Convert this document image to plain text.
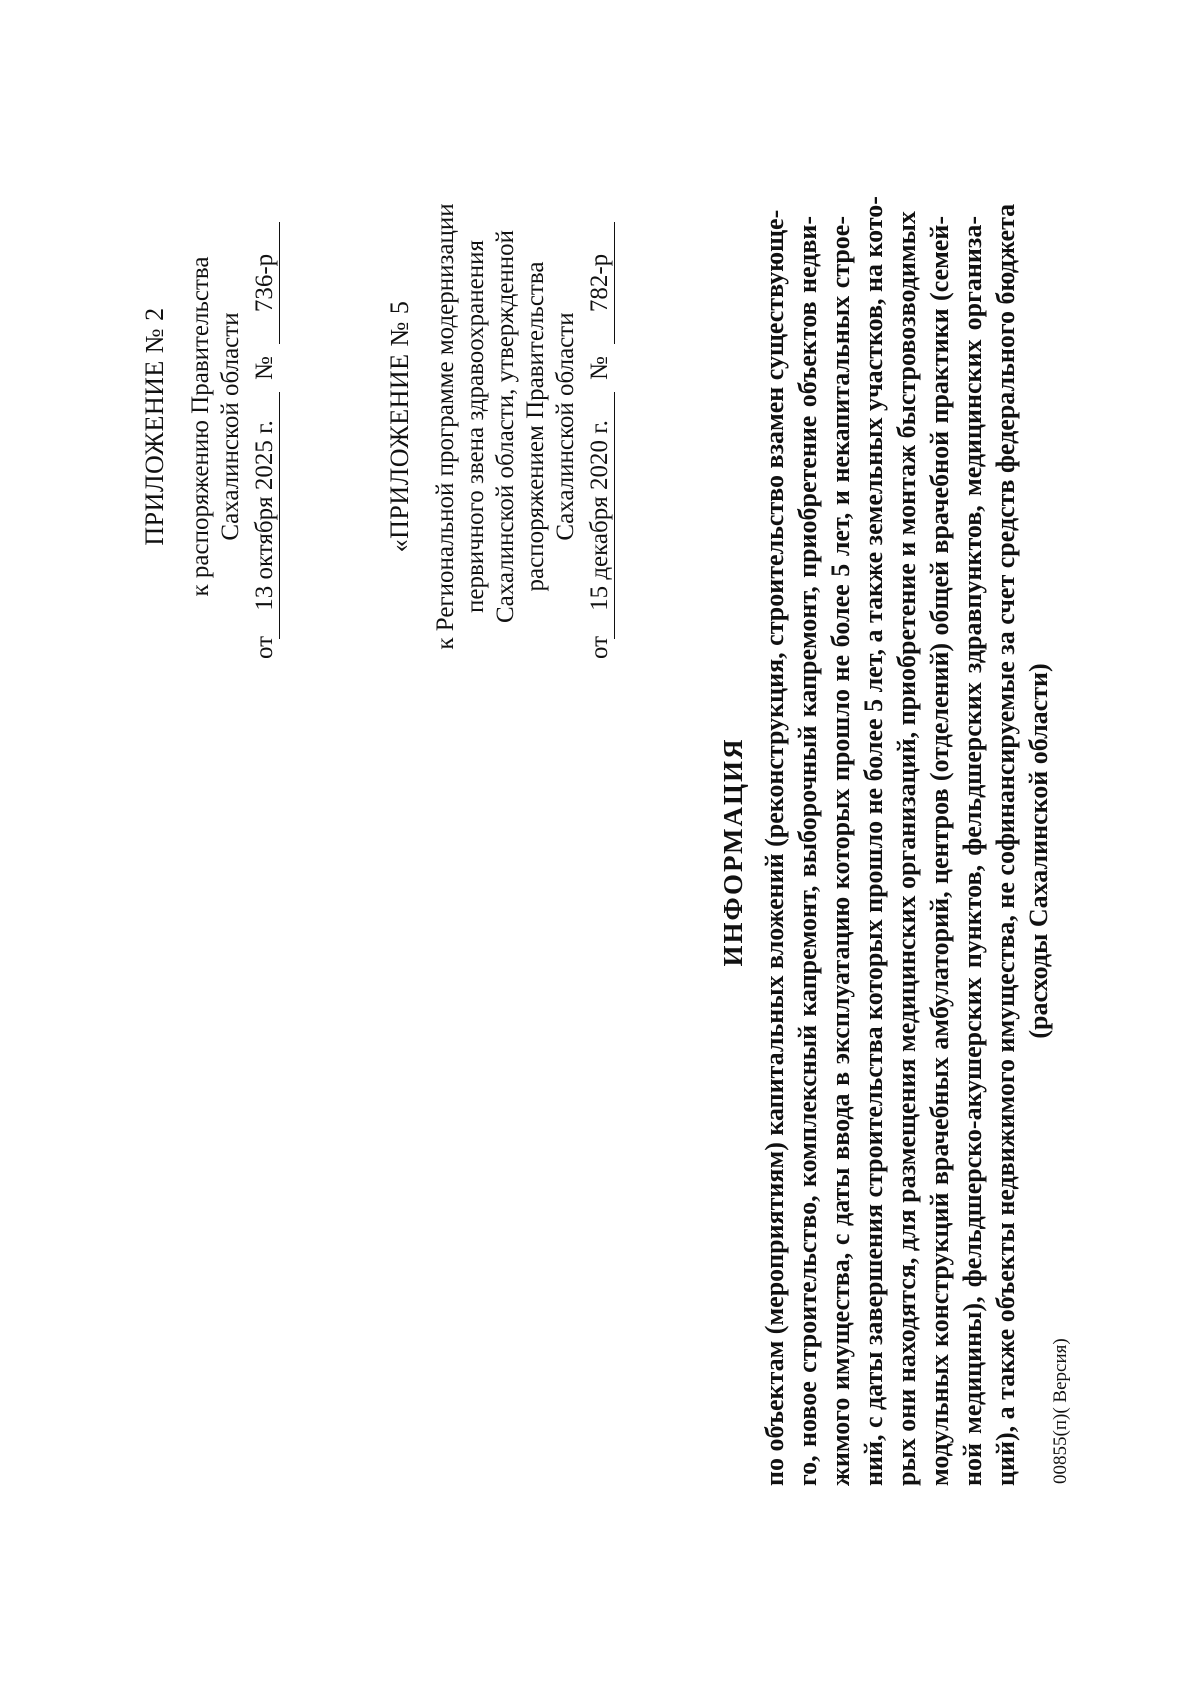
ПРИЛОЖЕНИЕ № 2 к распоряжению Правительства Сахалинской области
от
13 октября 2025 г.
№
736-р
«ПРИЛОЖЕНИЕ № 5 к Региональной программе модернизации первичного звена здравоохранения Сахалинской области, утвержденной распоряжением Правительства Сахалинской области
от
15 декабря 2020 г.
№
782-р
ИНФОРМАЦИЯ по объектам (мероприятиям) капитальных вложений (реконструкция, строительство взамен существующе- го, новое строительство, комплексный капремонт, выборочный капремонт, приобретение объектов недви- жимого имущества, с даты ввода в эксплуатацию которых прошло не более 5 лет, и некапитальных строе- ний, с даты завершения строительства которых прошло не более 5 лет, а также земельных участков, на кото- рых они находятся, для размещения медицинских организаций, приобретение и монтаж быстровозводимых модульных конструкций врачебных амбулаторий, центров (отделений) общей врачебной практики (семей- ной медицины), фельдшерско-акушерских пунктов, фельдшерских здравпунктов, медицинских организа- ций), а также объекты недвижимого имущества, не софинансируемые за счет средств федерального бюджета (расходы Сахалинской области)
00855(п)( Версия)
